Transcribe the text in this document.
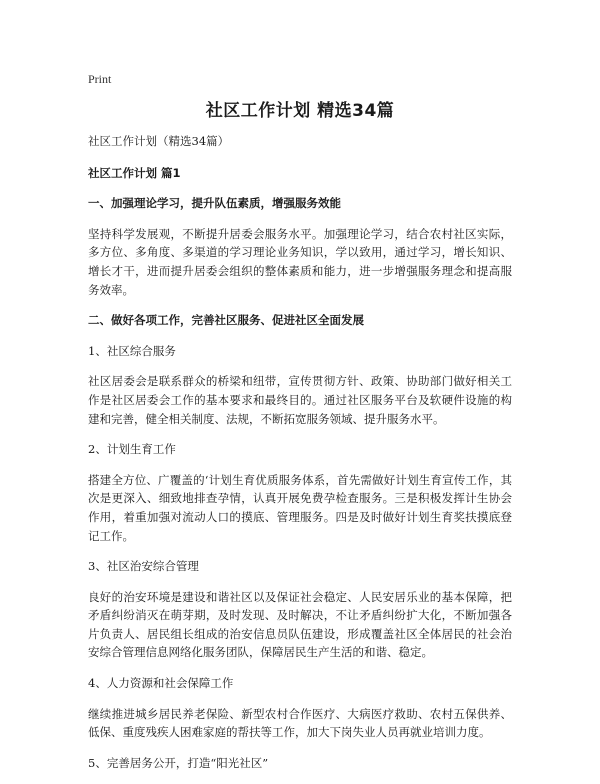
Print
社区工作计划 精选34篇

社区工作计划（精选34篇）

社区工作计划 篇1

一、加强理论学习，提升队伍素质，增强服务效能

坚持科学发展观，不断提升居委会服务水平。加强理论学习，结合农村社区实际，多方位、多角度、多渠道的学习理论业务知识，学以致用，通过学习，增长知识、增长才干，进而提升居委会组织的整体素质和能力，进一步增强服务理念和提高服务效率。

二、做好各项工作，完善社区服务、促进社区全面发展

1、社区综合服务

社区居委会是联系群众的桥梁和纽带，宣传贯彻方针、政策、协助部门做好相关工作是社区居委会工作的基本要求和最终目的。通过社区服务平台及软硬件设施的构建和完善，健全相关制度、法规，不断拓宽服务领域、提升服务水平。

2、计划生育工作

搭建全方位、广覆盖的‘计划生育优质服务体系，首先需做好计划生育宣传工作，其次是更深入、细致地排查孕情，认真开展免费孕检查服务。三是积极发挥计生协会作用，着重加强对流动人口的摸底、管理服务。四是及时做好计划生育奖扶摸底登记工作。

3、社区治安综合管理

良好的治安环境是建设和谐社区以及保证社会稳定、人民安居乐业的基本保障，把矛盾纠纷消灭在萌芽期，及时发现、及时解决，不让矛盾纠纷扩大化，不断加强各片负责人、居民组长组成的治安信息员队伍建设，形成覆盖社区全体居民的社会治安综合管理信息网络化服务团队，保障居民生产生活的和谐、稳定。

4、人力资源和社会保障工作

继续推进城乡居民养老保险、新型农村合作医疗、大病医疗救助、农村五保供养、低保、重度残疾人困难家庭的帮扶等工作，加大下岗失业人员再就业培训力度。

5、完善居务公开，打造“阳光社区”
